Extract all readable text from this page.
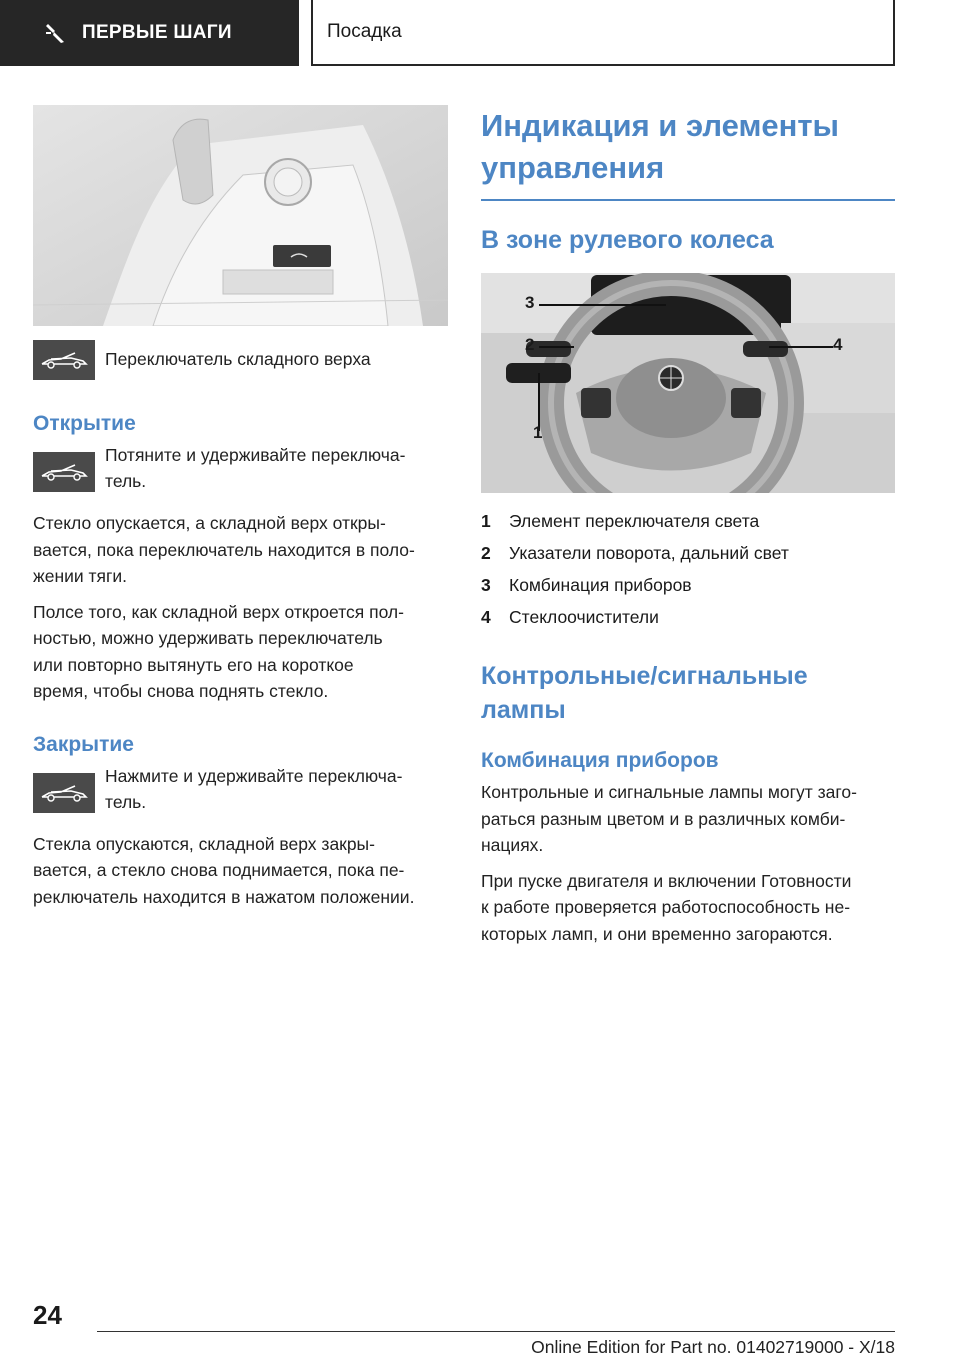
ПЕРВЫЕ ШАГИ	Посадка
Переключатель складного верха
Открытие
Потяните и удерживайте переключа-
тель.
Стекло опускается, а складной верх откры-
вается, пока переключатель находится в поло-
жении тяги.
Полсе того, как складной верх откроется пол-
ностью, можно удерживать переключатель
или повторно вытянуть его на короткое
время, чтобы снова поднять стекло.
Закрытие
Нажмите и удерживайте переключа-
тель.
Стекла опускаются, складной верх закры-
вается, а стекло снова поднимается, пока пе-
реключатель находится в нажатом положении.
Индикация и элементы
управления
В зоне рулевого колеса
3
2	4
1
1	Элемент переключателя света
2	Указатели поворота, дальний свет
3	Комбинация приборов
4	Стеклоочистители
Контрольные/сигнальные
лампы
Комбинация приборов
Контрольные и сигнальные лампы могут заго-
раться разным цветом и в различных комби-
нациях.
При пуске двигателя и включении Готовности
к работе проверяется работоспособность не-
которых ламп, и они временно загораются.
24
Online Edition for Part no. 01402719000 - X/18
